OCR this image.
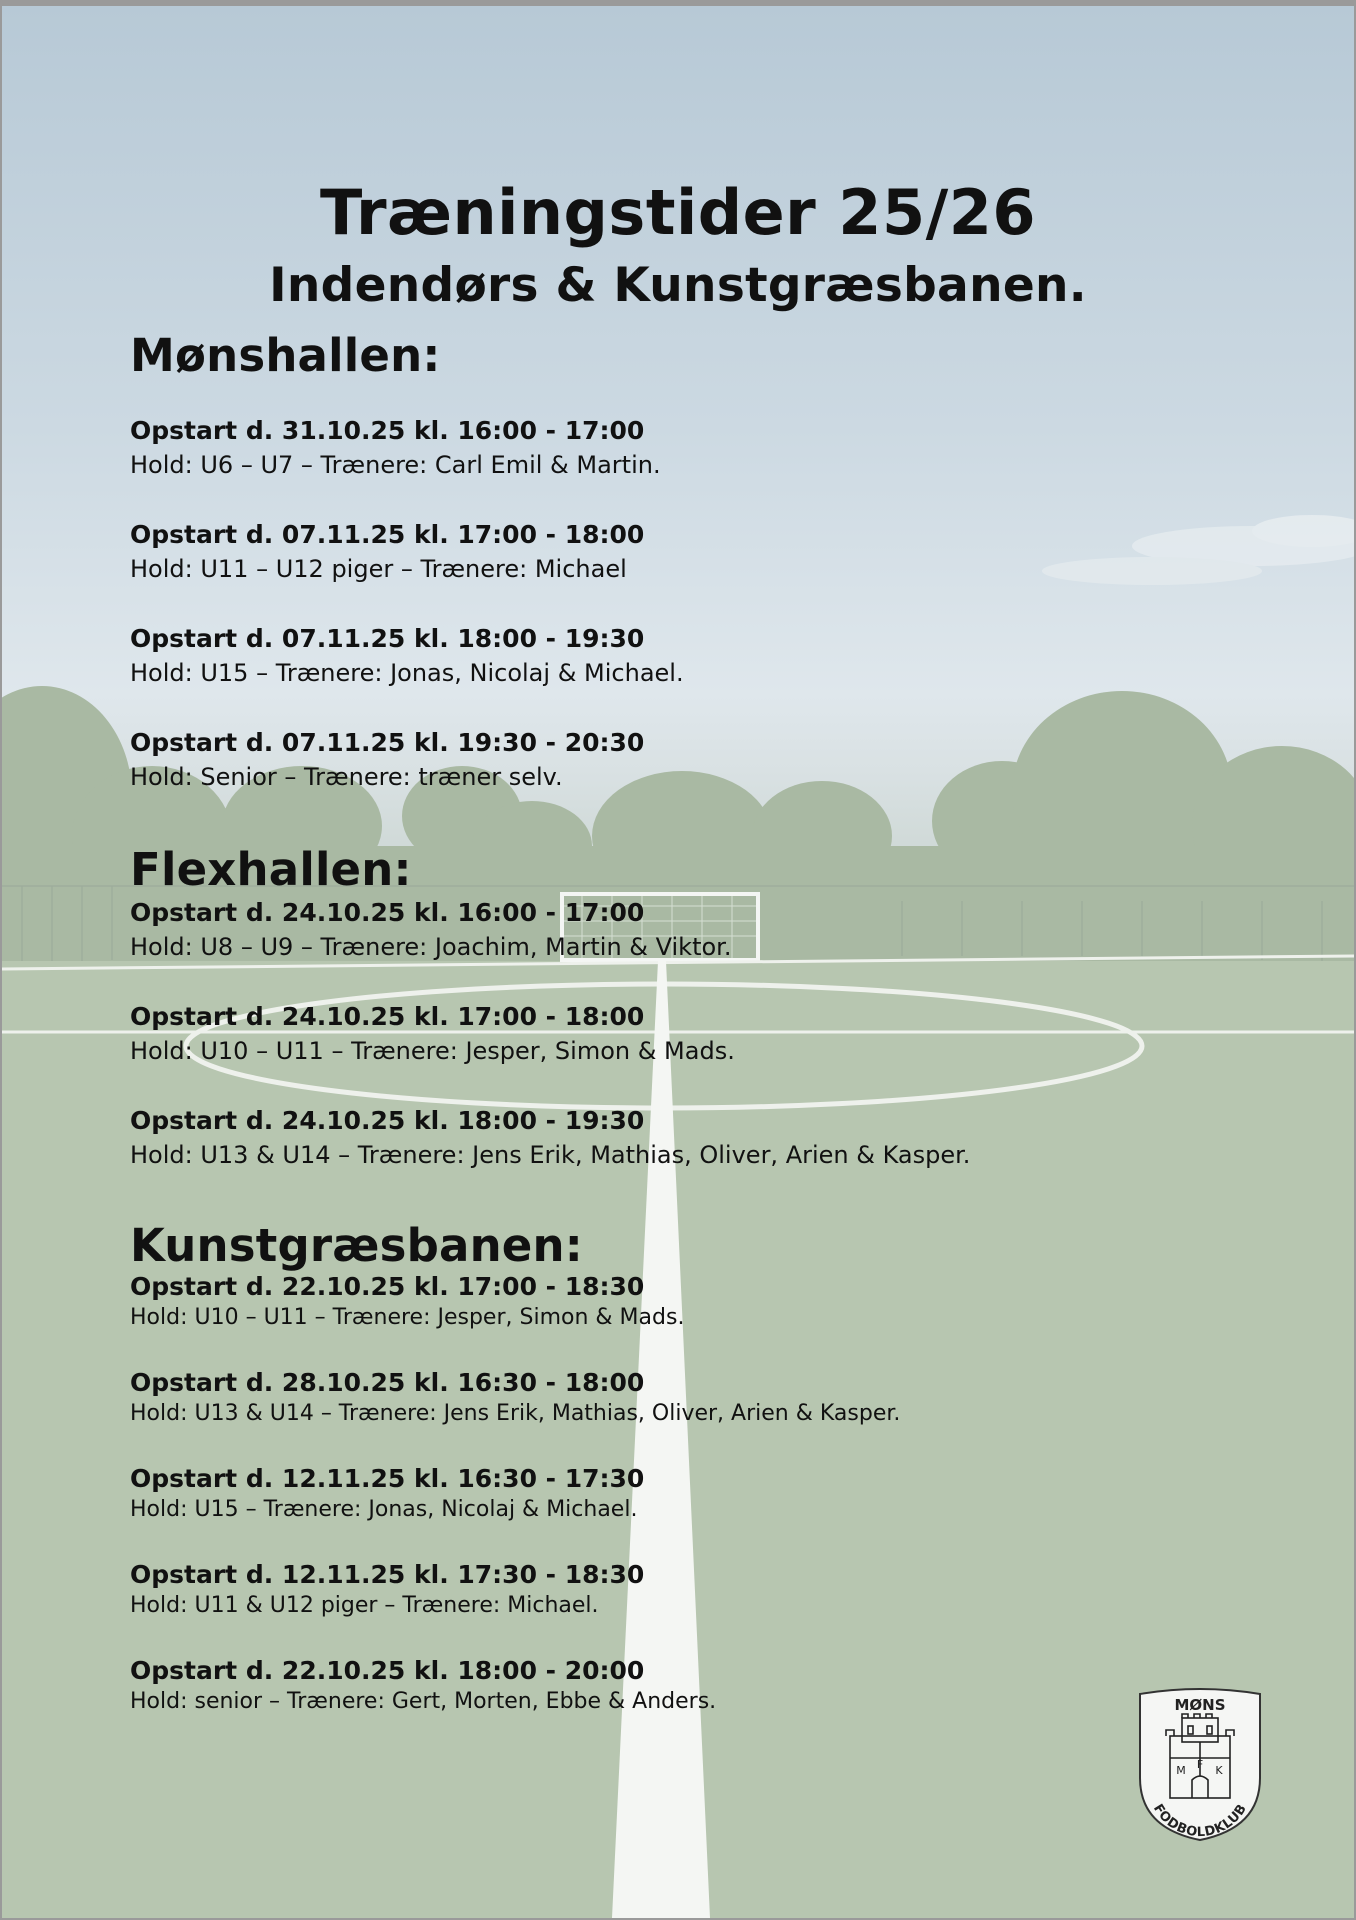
Træningstider 25/26
Indendørs & Kunstgræsbanen.
Mønshallen:
Opstart d. 31.10.25 kl. 16:00 - 17:00
Hold: U6 – U7 – Trænere: Carl Emil & Martin.
Opstart d. 07.11.25 kl. 17:00 - 18:00
Hold: U11 – U12 piger – Trænere: Michael
Opstart d. 07.11.25 kl. 18:00 - 19:30
Hold: U15 – Trænere: Jonas, Nicolaj & Michael.
Opstart d. 07.11.25 kl. 19:30 - 20:30
Hold: Senior – Trænere: træner selv.
Flexhallen:
Opstart d. 24.10.25 kl. 16:00 - 17:00
Hold: U8 – U9 – Trænere: Joachim, Martin & Viktor.
Opstart d. 24.10.25 kl. 17:00 - 18:00
Hold: U10 – U11 – Trænere: Jesper, Simon & Mads.
Opstart d. 24.10.25 kl. 18:00 - 19:30
Hold: U13 & U14 – Trænere: Jens Erik, Mathias, Oliver, Arien & Kasper.
Kunstgræsbanen:
Opstart d. 22.10.25 kl. 17:00 - 18:30
Hold: U10 – U11 – Trænere: Jesper, Simon & Mads.
Opstart d. 28.10.25 kl. 16:30 - 18:00
Hold: U13 & U14 – Trænere: Jens Erik, Mathias, Oliver, Arien & Kasper.
Opstart d. 12.11.25 kl. 16:30 - 17:30
Hold: U15 – Trænere: Jonas, Nicolaj & Michael.
Opstart d. 12.11.25 kl. 17:30 - 18:30
Hold: U11 & U12 piger – Trænere: Michael.
Opstart d. 22.10.25 kl. 18:00 - 20:00
Hold: senior – Trænere: Gert, Morten, Ebbe & Anders.	MØNS
M F K
FODBOLDKLUB
